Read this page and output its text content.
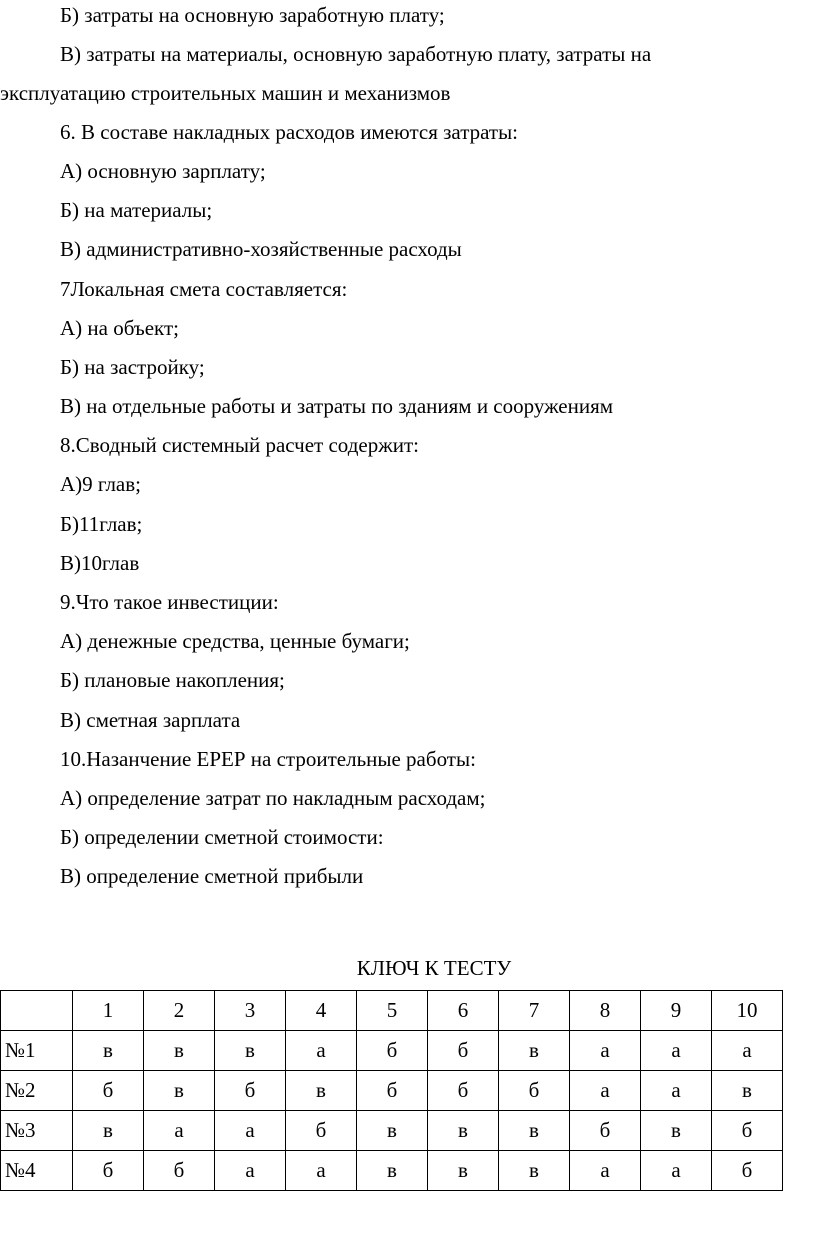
Б) затраты на основную заработную плату;
В) затраты на материалы, основную заработную плату, затраты на
эксплуатацию строительных машин и механизмов
6. В составе накладных расходов имеются затраты:
А) основную зарплату;
Б) на материалы;
В) административно-хозяйственные расходы
7Локальная смета составляется:
А) на объект;
Б) на застройку;
В) на отдельные работы и затраты по зданиям и сооружениям
8.Сводный системный расчет содержит:
А)9 глав;
Б)11глав;
В)10глав
9.Что такое инвестиции:
А) денежные средства, ценные бумаги;
Б) плановые накопления;
В) сметная зарплата
10.Назанчение ЕРЕР на строительные работы:
А) определение затрат по накладным расходам;
Б) определении сметной стоимости:
В) определение сметной прибыли
КЛЮЧ К ТЕСТУ
	1	2	3	4	5	6	7	8	9	10
№1	в	в	в	а	б	б	в	а	а	а
№2	б	в	б	в	б	б	б	а	а	в
№3	в	а	а	б	в	в	в	б	в	б
№4	б	б	а	а	в	в	в	а	а	б
